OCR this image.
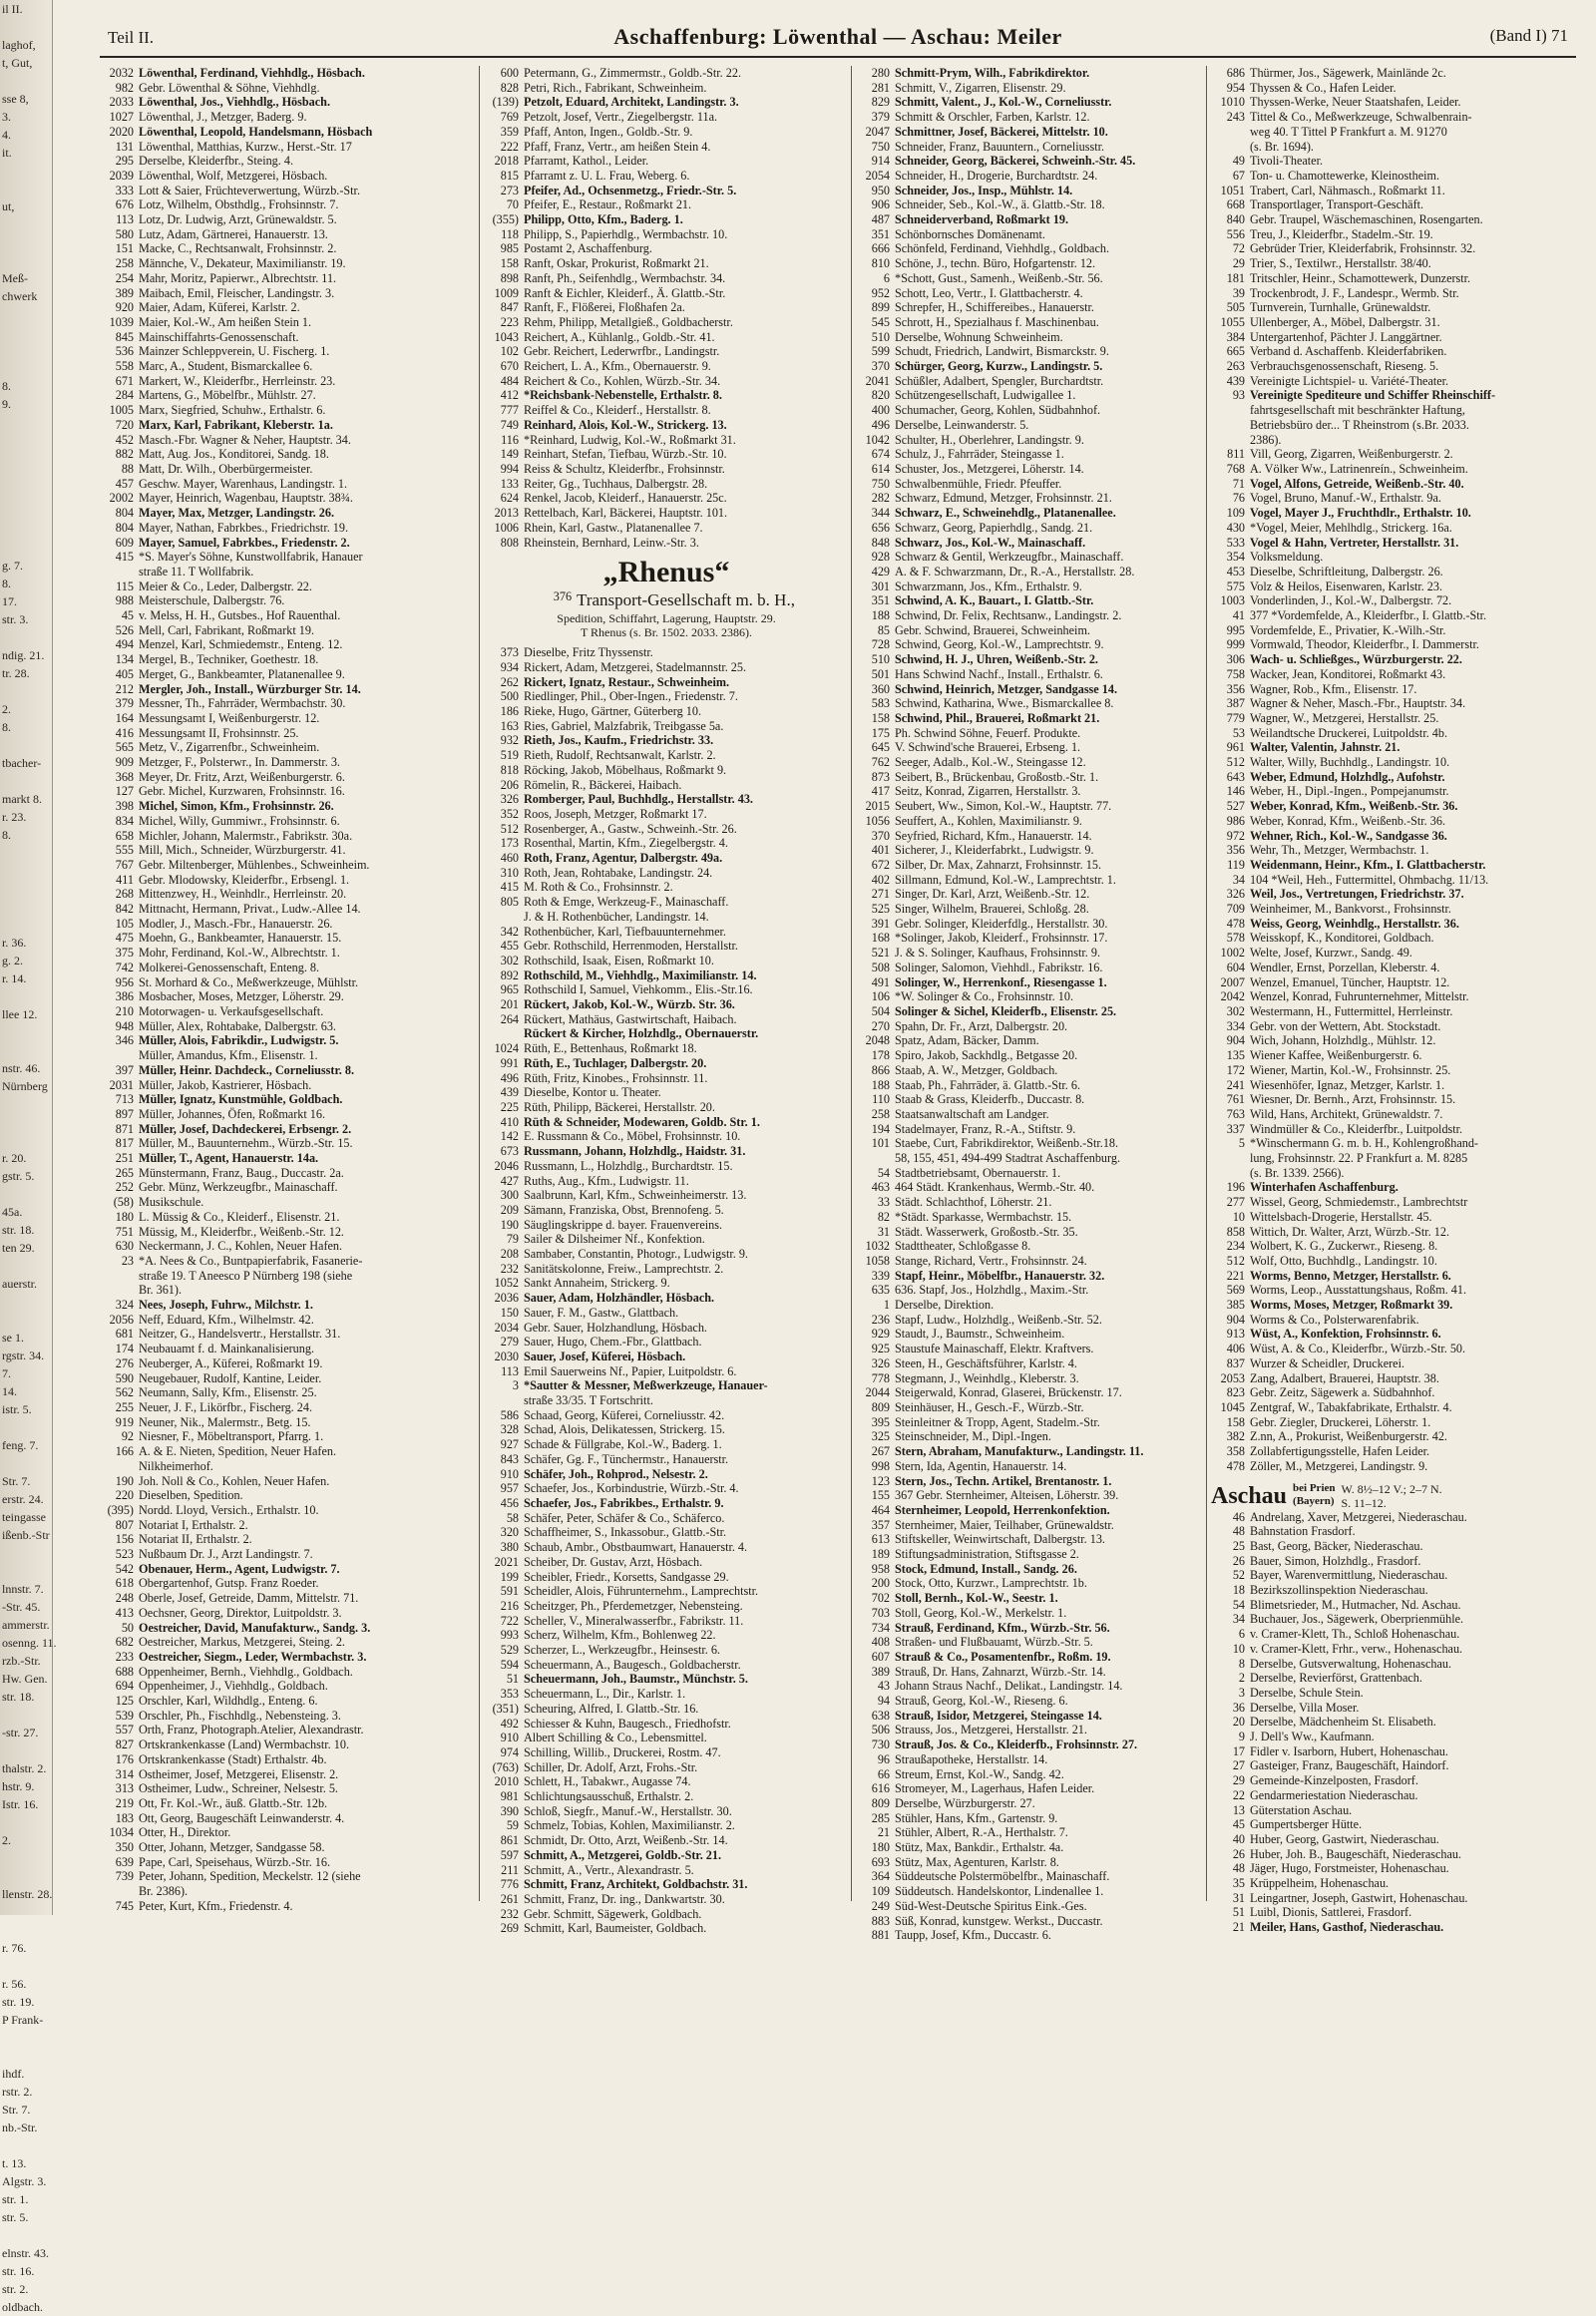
il II.

laghof,
t, Gut,

sse 8,
3.
4.
it.

ut,

Meß-
chwerk

8.
9.

g. 7.
8.
17.
str. 3.

ndig. 21.
tr. 28.

2.
8.

tbacher-

markt 8.
r. 23.
8.

r. 36.
g. 2.
r. 14.

llee 12.

nstr. 46.
Nürnberg

r. 20.
gstr. 5.

45a.
str. 18.
ten 29.

auerstr.

se 1.
rgstr. 34.
7.
14.
istr. 5.

feng. 7.

Str. 7.
erstr. 24.
teingasse
ißenb.-Str

lnnstr. 7.
-Str. 45.
ammerstr.
osenng. 11.
rzb.-Str.
Hw. Gen.
str. 18.

-str. 27.

thalstr. 2.
hstr. 9.
Istr. 16.

2.

llenstr. 28.

r. 76.

r. 56.
str. 19.
P Frank-

ihdf.
rstr. 2.
Str. 7.
nb.-Str.

t. 13.
Algstr. 3.
str. 1.
str. 5.

elnstr. 43.
str. 16.
str. 2.
oldbach.
Teil II.	Aschaffenburg: Löwenthal — Aschau: Meiler	(Band I) 71
2032 Löwenthal, Ferdinand, Viehhdlg., Hösbach.
982 Gebr. Löwenthal & Söhne, Viehhdlg.
2033 Löwenthal, Jos., Viehhdlg., Hösbach.
1027 Löwenthal, J., Metzger, Baderg. 9.
2020 Löwenthal, Leopold, Handelsmann, Hösbach
131 Löwenthal, Matthias, Kurzw., Herst.-Str. 17
295 Derselbe, Kleiderfbr., Steing. 4.
2039 Löwenthal, Wolf, Metzgerei, Hösbach.
333 Lott & Saier, Früchteverwertung, Würzb.-Str.
676 Lotz, Wilhelm, Obsthdlg., Frohsinnstr. 7.
113 Lotz, Dr. Ludwig, Arzt, Grünewaldstr. 5.
580 Lutz, Adam, Gärtnerei, Hanauerstr. 13.
151 Macke, C., Rechtsanwalt, Frohsinnstr. 2.
258 Männche, V., Dekateur, Maximilianstr. 19.
254 Mahr, Moritz, Papierwr., Albrechtstr. 11.
389 Maibach, Emil, Fleischer, Landingstr. 3.
920 Maier, Adam, Küferei, Karlstr. 2.
1039 Maier, Kol.-W., Am heißen Stein 1.
845 Mainschiffahrts-Genossenschaft.
536 Mainzer Schleppverein, U. Fischerg. 1.
558 Marc, A., Student, Bismarckallee 6.
671 Markert, W., Kleiderfbr., Herrleinstr. 23.
284 Martens, G., Möbelfbr., Mühlstr. 27.
1005 Marx, Siegfried, Schuhw., Erthalstr. 6.
720 Marx, Karl, Fabrikant, Kleberstr. 1a.
452 Masch.-Fbr. Wagner & Neher, Hauptstr. 34.
882 Matt, Aug. Jos., Konditorei, Sandg. 18.
88 Matt, Dr. Wilh., Oberbürgermeister.
457 Geschw. Mayer, Warenhaus, Landingstr. 1.
2002 Mayer, Heinrich, Wagenbau, Hauptstr. 38¾.
804 Mayer, Max, Metzger, Landingstr. 26.
804 Mayer, Nathan, Fabrkbes., Friedrichstr. 19.
609 Mayer, Samuel, Fabrkbes., Friedenstr. 2.
415 *S. Mayer's Söhne, Kunstwollfabrik, Hanauer
straße 11. T Wollfabrik.
115 Meier & Co., Leder, Dalbergstr. 22.
988 Meisterschule, Dalbergstr. 76.
45 v. Melss, H. H., Gutsbes., Hof Rauenthal.
526 Mell, Carl, Fabrikant, Roßmarkt 19.
494 Menzel, Karl, Schmiedemstr., Enteng. 12.
134 Mergel, B., Techniker, Goethestr. 18.
405 Merget, G., Bankbeamter, Platanenallee 9.
212 Mergler, Joh., Install., Würzburger Str. 14.
379 Messner, Th., Fahrräder, Wermbachstr. 30.
164 Messungsamt I, Weißenburgerstr. 12.
416 Messungsamt II, Frohsinnstr. 25.
565 Metz, V., Zigarrenfbr., Schweinheim.
909 Metzger, F., Polsterwr., In. Dammerstr. 3.
368 Meyer, Dr. Fritz, Arzt, Weißenburgerstr. 6.
127 Gebr. Michel, Kurzwaren, Frohsinnstr. 16.
398 Michel, Simon, Kfm., Frohsinnstr. 26.
834 Michel, Willy, Gummiwr., Frohsinnstr. 6.
658 Michler, Johann, Malermstr., Fabrikstr. 30a.
555 Mill, Mich., Schneider, Würzburgerstr. 41.
767 Gebr. Miltenberger, Mühlenbes., Schweinheim.
411 Gebr. Mlodowsky, Kleiderfbr., Erbsengl. 1.
268 Mittenzwey, H., Weinhdlr., Herrleinstr. 20.
842 Mittnacht, Hermann, Privat., Ludw.-Allee 14.
105 Modler, J., Masch.-Fbr., Hanauerstr. 26.
475 Moehn, G., Bankbeamter, Hanauerstr. 15.
375 Mohr, Ferdinand, Kol.-W., Albrechtstr. 1.
742 Molkerei-Genossenschaft, Enteng. 8.
956 St. Morhard & Co., Meßwerkzeuge, Mühlstr.
386 Mosbacher, Moses, Metzger, Löherstr. 29.
210 Motorwagen- u. Verkaufsgesellschaft.
948 Müller, Alex, Rohtabake, Dalbergstr. 63.
346 Müller, Alois, Fabrikdir., Ludwigstr. 5.
Müller, Amandus, Kfm., Elisenstr. 1.
397 Müller, Heinr. Dachdeck., Corneliusstr. 8.
2031 Müller, Jakob, Kastrierer, Hösbach.
713 Müller, Ignatz, Kunstmühle, Goldbach.
897 Müller, Johannes, Öfen, Roßmarkt 16.
871 Müller, Josef, Dachdeckerei, Erbsengr. 2.
817 Müller, M., Bauunternehm., Würzb.-Str. 15.
251 Müller, T., Agent, Hanauerstr. 14a.
265 Münstermann, Franz, Baug., Duccastr. 2a.
252 Gebr. Münz, Werkzeugfbr., Mainaschaff.
(58) Musikschule.
180 L. Müssig & Co., Kleiderf., Elisenstr. 21.
751 Müssig, M., Kleiderfbr., Weißenb.-Str. 12.
630 Neckermann, J. C., Kohlen, Neuer Hafen.
23 *A. Nees & Co., Buntpapierfabrik, Fasanerie-
straße 19. T Aneesco P Nürnberg 198 (siehe
Br. 361).
324 Nees, Joseph, Fuhrw., Milchstr. 1.
2056 Neff, Eduard, Kfm., Wilhelmstr. 42.
681 Neitzer, G., Handelsvertr., Herstallstr. 31.
174 Neubauamt f. d. Mainkanalisierung.
276 Neuberger, A., Küferei, Roßmarkt 19.
590 Neugebauer, Rudolf, Kantine, Leider.
562 Neumann, Sally, Kfm., Elisenstr. 25.
255 Neuer, J. F., Likörfbr., Fischerg. 24.
919 Neuner, Nik., Malermstr., Betg. 15.
92 Niesner, F., Möbeltransport, Pfarrg. 1.
166 A. & E. Nieten, Spedition, Neuer Hafen.
Nilkheimerhof.
190 Joh. Noll & Co., Kohlen, Neuer Hafen.
220 Dieselben, Spedition.
(395) Nordd. Lloyd, Versich., Erthalstr. 10.
807 Notariat I, Erthalstr. 2.
156 Notariat II, Erthalstr. 2.
523 Nußbaum Dr. J., Arzt Landingstr. 7.
542 Obenauer, Herm., Agent, Ludwigstr. 7.
618 Obergartenhof, Gutsp. Franz Roeder.
248 Oberle, Josef, Getreide, Damm, Mittelstr. 71.
413 Oechsner, Georg, Direktor, Luitpoldstr. 3.
50 Oestreicher, David, Manufakturw., Sandg. 3.
682 Oestreicher, Markus, Metzgerei, Steing. 2.
233 Oestreicher, Siegm., Leder, Wermbachstr. 3.
688 Oppenheimer, Bernh., Viehhdlg., Goldbach.
694 Oppenheimer, J., Viehhdlg., Goldbach.
125 Orschler, Karl, Wildhdlg., Enteng. 6.
539 Orschler, Ph., Fischhdlg., Nebensteing. 3.
557 Orth, Franz, Photograph.Atelier, Alexandrastr.
827 Ortskrankenkasse (Land) Wermbachstr. 10.
176 Ortskrankenkasse (Stadt) Erthalstr. 4b.
314 Ostheimer, Josef, Metzgerei, Elisenstr. 2.
313 Ostheimer, Ludw., Schreiner, Nelsestr. 5.
219 Ott, Fr. Kol.-Wr., äuß. Glattb.-Str. 12b.
183 Ott, Georg, Baugeschäft Leinwanderstr. 4.
1034 Otter, H., Direktor.
350 Otter, Johann, Metzger, Sandgasse 58.
639 Pape, Carl, Speisehaus, Würzb.-Str. 16.
739 Peter, Johann, Spedition, Meckelstr. 12 (siehe
Br. 2386).
745 Peter, Kurt, Kfm., Friedenstr. 4.
600 Petermann, G., Zimmermstr., Goldb.-Str. 22.
828 Petri, Rich., Fabrikant, Schweinheim.
(139) Petzolt, Eduard, Architekt, Landingstr. 3.
769 Petzolt, Josef, Vertr., Ziegelbergstr. 11a.
359 Pfaff, Anton, Ingen., Goldb.-Str. 9.
222 Pfaff, Franz, Vertr., am heißen Stein 4.
2018 Pfarramt, Kathol., Leider.
815 Pfarramt z. U. L. Frau, Weberg. 6.
273 Pfeifer, Ad., Ochsenmetzg., Friedr.-Str. 5.
70 Pfeifer, E., Restaur., Roßmarkt 21.
(355) Philipp, Otto, Kfm., Baderg. 1.
118 Philipp, S., Papierhdlg., Wermbachstr. 10.
985 Postamt 2, Aschaffenburg.
158 Ranft, Oskar, Prokurist, Roßmarkt 21.
898 Ranft, Ph., Seifenhdlg., Wermbachstr. 34.
1009 Ranft & Eichler, Kleiderf., Ä. Glattb.-Str.
847 Ranft, F., Flößerei, Floßhafen 2a.
223 Rehm, Philipp, Metallgieß., Goldbacherstr.
1043 Reichert, A., Kühlanlg., Goldb.-Str. 41.
102 Gebr. Reichert, Lederwrfbr., Landingstr.
670 Reichert, L. A., Kfm., Obernauerstr. 9.
484 Reichert & Co., Kohlen, Würzb.-Str. 34.
412 *Reichsbank-Nebenstelle, Erthalstr. 8.
777 Reiffel & Co., Kleiderf., Herstallstr. 8.
749 Reinhard, Alois, Kol.-W., Strickerg. 13.
116 *Reinhard, Ludwig, Kol.-W., Roßmarkt 31.
149 Reinhart, Stefan, Tiefbau, Würzb.-Str. 10.
994 Reiss & Schultz, Kleiderfbr., Frohsinnstr.
133 Reiter, Gg., Tuchhaus, Dalbergstr. 28.
624 Renkel, Jacob, Kleiderf., Hanauerstr. 25c.
2013 Rettelbach, Karl, Bäckerei, Hauptstr. 101.
1006 Rhein, Karl, Gastw., Platanenallee 7.
808 Rheinstein, Bernhard, Leinw.-Str. 3.
„Rhenus“
376 Transport-Gesellschaft m. b. H.,
Spedition, Schiffahrt, Lagerung, Hauptstr. 29.
T Rhenus (s. Br. 1502. 2033. 2386).
373 Dieselbe, Fritz Thyssenstr.
934 Rickert, Adam, Metzgerei, Stadelmannstr. 25.
262 Rickert, Ignatz, Restaur., Schweinheim.
500 Riedlinger, Phil., Ober-Ingen., Friedenstr. 7.
186 Rieke, Hugo, Gärtner, Güterberg 10.
163 Ries, Gabriel, Malzfabrik, Treibgasse 5a.
932 Rieth, Jos., Kaufm., Friedrichstr. 33.
519 Rieth, Rudolf, Rechtsanwalt, Karlstr. 2.
818 Röcking, Jakob, Möbelhaus, Roßmarkt 9.
206 Römelin, R., Bäckerei, Haibach.
326 Romberger, Paul, Buchhdlg., Herstallstr. 43.
352 Roos, Joseph, Metzger, Roßmarkt 17.
512 Rosenberger, A., Gastw., Schweinh.-Str. 26.
173 Rosenthal, Martin, Kfm., Ziegelbergstr. 4.
460 Roth, Franz, Agentur, Dalbergstr. 49a.
310 Roth, Jean, Rohtabake, Landingstr. 24.
415 M. Roth & Co., Frohsinnstr. 2.
805 Roth & Emge, Werkzeug-F., Mainaschaff.
J. & H. Rothenbücher, Landingstr. 14.
342 Rothenbücher, Karl, Tiefbauunternehmer.
455 Gebr. Rothschild, Herrenmoden, Herstallstr.
302 Rothschild, Isaak, Eisen, Roßmarkt 10.
892 Rothschild, M., Viehhdlg., Maximilianstr. 14.
965 Rothschild I, Samuel, Viehkomm., Elis.-Str.16.
201 Rückert, Jakob, Kol.-W., Würzb. Str. 36.
264 Rückert, Mathäus, Gastwirtschaft, Haibach.
Rückert & Kircher, Holzhdlg., Obernauerstr.
1024 Rüth, E., Bettenhaus, Roßmarkt 18.
991 Rüth, E., Tuchlager, Dalbergstr. 20.
496 Rüth, Fritz, Kinobes., Frohsinnstr. 11.
439 Dieselbe, Kontor u. Theater.
225 Rüth, Philipp, Bäckerei, Herstallstr. 20.
410 Rüth & Schneider, Modewaren, Goldb. Str. 1.
142 E. Russmann & Co., Möbel, Frohsinnstr. 10.
673 Russmann, Johann, Holzhdlg., Haidstr. 31.
2046 Russmann, L., Holzhdlg., Burchardtstr. 15.
427 Ruths, Aug., Kfm., Ludwigstr. 11.
300 Saalbrunn, Karl, Kfm., Schweinheimerstr. 13.
209 Sämann, Franziska, Obst, Brennofeng. 5.
190 Säuglingskrippe d. bayer. Frauenvereins.
79 Sailer & Dilsheimer Nf., Konfektion.
208 Sambaber, Constantin, Photogr., Ludwigstr. 9.
232 Sanitätskolonne, Freiw., Lamprechtstr. 2.
1052 Sankt Annaheim, Strickerg. 9.
2036 Sauer, Adam, Holzhändler, Hösbach.
150 Sauer, F. M., Gastw., Glattbach.
2034 Gebr. Sauer, Holzhandlung, Hösbach.
279 Sauer, Hugo, Chem.-Fbr., Glattbach.
2030 Sauer, Josef, Küferei, Hösbach.
113 Emil Sauerweins Nf., Papier, Luitpoldstr. 6.
3 *Sautter & Messner, Meßwerkzeuge, Hanauer-
straße 33/35. T Fortschritt.
586 Schaad, Georg, Küferei, Corneliusstr. 42.
328 Schad, Alois, Delikatessen, Strickerg. 15.
927 Schade & Füllgrabe, Kol.-W., Baderg. 1.
843 Schäfer, Gg. F., Tünchermstr., Hanauerstr.
910 Schäfer, Joh., Rohprod., Nelsestr. 2.
957 Schaefer, Jos., Korbindustrie, Würzb.-Str. 4.
456 Schaefer, Jos., Fabrikbes., Erthalstr. 9.
58 Schäfer, Peter, Schäfer & Co., Schäferco.
320 Schaffheimer, S., Inkassobur., Glattb.-Str.
380 Schaub, Ambr., Obstbaumwart, Hanauerstr. 4.
2021 Scheiber, Dr. Gustav, Arzt, Hösbach.
199 Scheibler, Friedr., Korsetts, Sandgasse 29.
591 Scheidler, Alois, Führunternehm., Lamprechtstr.
216 Scheitzger, Ph., Pferdemetzger, Nebensteing.
722 Scheller, V., Mineralwasserfbr., Fabrikstr. 11.
993 Scherz, Wilhelm, Kfm., Bohlenweg 22.
529 Scherzer, L., Werkzeugfbr., Heinsestr. 6.
594 Scheuermann, A., Baugesch., Goldbacherstr.
51 Scheuermann, Joh., Baumstr., Münchstr. 5.
353 Scheuermann, L., Dir., Karlstr. 1.
(351) Scheuring, Alfred, I. Glattb.-Str. 16.
492 Schiesser & Kuhn, Baugesch., Friedhofstr.
910 Albert Schilling & Co., Lebensmittel.
974 Schilling, Willib., Druckerei, Rostm. 47.
(763) Schiller, Dr. Adolf, Arzt, Frohs.-Str.
2010 Schlett, H., Tabakwr., Augasse 74.
981 Schlichtungsausschuß, Erthalstr. 2.
390 Schloß, Siegfr., Manuf.-W., Herstallstr. 30.
59 Schmelz, Tobias, Kohlen, Maximilianstr. 2.
861 Schmidt, Dr. Otto, Arzt, Weißenb.-Str. 14.
597 Schmitt, A., Metzgerei, Goldb.-Str. 21.
211 Schmitt, A., Vertr., Alexandrastr. 5.
776 Schmitt, Franz, Architekt, Goldbachstr. 31.
261 Schmitt, Franz, Dr. ing., Dankwartstr. 30.
232 Gebr. Schmitt, Sägewerk, Goldbach.
269 Schmitt, Karl, Baumeister, Goldbach.
280 Schmitt-Prym, Wilh., Fabrikdirektor.
281 Schmitt, V., Zigarren, Elisenstr. 29.
829 Schmitt, Valent., J., Kol.-W., Corneliusstr.
379 Schmitt & Orschler, Farben, Karlstr. 12.
2047 Schmittner, Josef, Bäckerei, Mittelstr. 10.
750 Schneider, Franz, Bauuntern., Corneliusstr.
914 Schneider, Georg, Bäckerei, Schweinh.-Str. 45.
2054 Schneider, H., Drogerie, Burchardtstr. 24.
950 Schneider, Jos., Insp., Mühlstr. 14.
906 Schneider, Seb., Kol.-W., ä. Glattb.-Str. 18.
487 Schneiderverband, Roßmarkt 19.
351 Schönbornsches Domänenamt.
666 Schönfeld, Ferdinand, Viehhdlg., Goldbach.
810 Schöne, J., techn. Büro, Hofgartenstr. 12.
6 *Schott, Gust., Samenh., Weißenb.-Str. 56.
952 Schott, Leo, Vertr., I. Glattbacherstr. 4.
899 Schrepfer, H., Schiffereibes., Hanauerstr.
545 Schrott, H., Spezialhaus f. Maschinenbau.
510 Derselbe, Wohnung Schweinheim.
599 Schudt, Friedrich, Landwirt, Bismarckstr. 9.
370 Schürger, Georg, Kurzw., Landingstr. 5.
2041 Schüßler, Adalbert, Spengler, Burchardtstr.
820 Schützengesellschaft, Ludwigallee 1.
400 Schumacher, Georg, Kohlen, Südbahnhof.
496 Derselbe, Leinwanderstr. 5.
1042 Schulter, H., Oberlehrer, Landingstr. 9.
674 Schulz, J., Fahrräder, Steingasse 1.
614 Schuster, Jos., Metzgerei, Löherstr. 14.
750 Schwalbenmühle, Friedr. Pfeuffer.
282 Schwarz, Edmund, Metzger, Frohsinnstr. 21.
344 Schwarz, E., Schweinehdlg., Platanenallee.
656 Schwarz, Georg, Papierhdlg., Sandg. 21.
848 Schwarz, Jos., Kol.-W., Mainaschaff.
928 Schwarz & Gentil, Werkzeugfbr., Mainaschaff.
429 A. & F. Schwarzmann, Dr., R.-A., Herstallstr. 28.
301 Schwarzmann, Jos., Kfm., Erthalstr. 9.
351 Schwind, A. K., Bauart., I. Glattb.-Str.
188 Schwind, Dr. Felix, Rechtsanw., Landingstr. 2.
85 Gebr. Schwind, Brauerei, Schweinheim.
728 Schwind, Georg, Kol.-W., Lamprechtstr. 9.
510 Schwind, H. J., Uhren, Weißenb.-Str. 2.
501 Hans Schwind Nachf., Install., Erthalstr. 6.
360 Schwind, Heinrich, Metzger, Sandgasse 14.
583 Schwind, Katharina, Wwe., Bismarckallee 8.
158 Schwind, Phil., Brauerei, Roßmarkt 21.
175 Ph. Schwind Söhne, Feuerf. Produkte.
645 V. Schwind'sche Brauerei, Erbseng. 1.
762 Seeger, Adalb., Kol.-W., Steingasse 12.
873 Seibert, B., Brückenbau, Großostb.-Str. 1.
417 Seitz, Konrad, Zigarren, Herstallstr. 3.
2015 Seubert, Ww., Simon, Kol.-W., Hauptstr. 77.
1056 Seuffert, A., Kohlen, Maximilianstr. 9.
370 Seyfried, Richard, Kfm., Hanauerstr. 14.
401 Sicherer, J., Kleiderfabrkt., Ludwigstr. 9.
672 Silber, Dr. Max, Zahnarzt, Frohsinnstr. 15.
402 Sillmann, Edmund, Kol.-W., Lamprechtstr. 1.
271 Singer, Dr. Karl, Arzt, Weißenb.-Str. 12.
525 Singer, Wilhelm, Brauerei, Schloßg. 28.
391 Gebr. Solinger, Kleiderfdlg., Herstallstr. 30.
168 *Solinger, Jakob, Kleiderf., Frohsinnstr. 17.
521 J. & S. Solinger, Kaufhaus, Frohsinnstr. 9.
508 Solinger, Salomon, Viehhdl., Fabrikstr. 16.
491 Solinger, W., Herrenkonf., Riesengasse 1.
106 *W. Solinger & Co., Frohsinnstr. 10.
504 Solinger & Sichel, Kleiderfb., Elisenstr. 25.
270 Spahn, Dr. Fr., Arzt, Dalbergstr. 20.
2048 Spatz, Adam, Bäcker, Damm.
178 Spiro, Jakob, Sackhdlg., Betgasse 20.
866 Staab, A. W., Metzger, Goldbach.
188 Staab, Ph., Fahrräder, ä. Glattb.-Str. 6.
110 Staab & Grass, Kleiderfb., Duccastr. 8.
258 Staatsanwaltschaft am Landger.
194 Stadelmayer, Franz, R.-A., Stiftstr. 9.
101 Staebe, Curt, Fabrikdirektor, Weißenb.-Str.18.
58, 155, 451, 494-499 Stadtrat Aschaffenburg.
54 Stadtbetriebsamt, Obernauerstr. 1.
463 464 Städt. Krankenhaus, Wermb.-Str. 40.
33 Städt. Schlachthof, Löherstr. 21.
82 *Städt. Sparkasse, Wermbachstr. 15.
31 Städt. Wasserwerk, Großostb.-Str. 35.
1032 Stadttheater, Schloßgasse 8.
1058 Stange, Richard, Vertr., Frohsinnstr. 24.
339 Stapf, Heinr., Möbelfbr., Hanauerstr. 32.
635 636. Stapf, Jos., Holzhdlg., Maxim.-Str.
1 Derselbe, Direktion.
236 Stapf, Ludw., Holzhdlg., Weißenb.-Str. 52.
929 Staudt, J., Baumstr., Schweinheim.
925 Staustufe Mainaschaff, Elektr. Kraftvers.
326 Steen, H., Geschäftsführer, Karlstr. 4.
778 Stegmann, J., Weinhdlg., Kleberstr. 3.
2044 Steigerwald, Konrad, Glaserei, Brückenstr. 17.
809 Steinhäuser, H., Gesch.-F., Würzb.-Str.
395 Steinleitner & Tropp, Agent, Stadelm.-Str.
325 Steinschneider, M., Dipl.-Ingen.
267 Stern, Abraham, Manufakturw., Landingstr. 11.
998 Stern, Ida, Agentin, Hanauerstr. 14.
123 Stern, Jos., Techn. Artikel, Brentanostr. 1.
155 367 Gebr. Sternheimer, Alteisen, Löherstr. 39.
464 Sternheimer, Leopold, Herrenkonfektion.
357 Sternheimer, Maier, Teilhaber, Grünewaldstr.
613 Stiftskeller, Weinwirtschaft, Dalbergstr. 13.
189 Stiftungsadministration, Stiftsgasse 2.
958 Stock, Edmund, Install., Sandg. 26.
200 Stock, Otto, Kurzwr., Lamprechtstr. 1b.
702 Stoll, Bernh., Kol.-W., Seestr. 1.
703 Stoll, Georg, Kol.-W., Merkelstr. 1.
734 Strauß, Ferdinand, Kfm., Würzb.-Str. 56.
408 Straßen- und Flußbauamt, Würzb.-Str. 5.
607 Strauß & Co., Posamentenfbr., Roßm. 19.
389 Strauß, Dr. Hans, Zahnarzt, Würzb.-Str. 14.
43 Johann Straus Nachf., Delikat., Landingstr. 14.
94 Strauß, Georg, Kol.-W., Rieseng. 6.
638 Strauß, Isidor, Metzgerei, Steingasse 14.
506 Strauss, Jos., Metzgerei, Herstallstr. 21.
730 Strauß, Jos. & Co., Kleiderfb., Frohsinnstr. 27.
96 Straußapotheke, Herstallstr. 14.
66 Streum, Ernst, Kol.-W., Sandg. 42.
616 Stromeyer, M., Lagerhaus, Hafen Leider.
809 Derselbe, Würzburgerstr. 27.
285 Stühler, Hans, Kfm., Gartenstr. 9.
21 Stühler, Albert, R.-A., Herthalstr. 7.
180 Stütz, Max, Bankdir., Erthalstr. 4a.
693 Stütz, Max, Agenturen, Karlstr. 8.
364 Süddeutsche Polstermöbelfbr., Mainaschaff.
109 Süddeutsch. Handelskontor, Lindenallee 1.
249 Süd-West-Deutsche Spiritus Eink.-Ges.
883 Süß, Konrad, kunstgew. Werkst., Duccastr.
881 Taupp, Josef, Kfm., Duccastr. 6.
686 Thürmer, Jos., Sägewerk, Mainlände 2c.
954 Thyssen & Co., Hafen Leider.
1010 Thyssen-Werke, Neuer Staatshafen, Leider.
243 Tittel & Co., Meßwerkzeuge, Schwalbenrain-
weg 40. T Tittel P Frankfurt a. M. 91270
(s. Br. 1694).
49 Tivoli-Theater.
67 Ton- u. Chamottewerke, Kleinostheim.
1051 Trabert, Carl, Nähmasch., Roßmarkt 11.
668 Transportlager, Transport-Geschäft.
840 Gebr. Traupel, Wäschemaschinen, Rosengarten.
556 Treu, J., Kleiderfbr., Stadelm.-Str. 19.
72 Gebrüder Trier, Kleiderfabrik, Frohsinnstr. 32.
29 Trier, S., Textilwr., Herstallstr. 38/40.
181 Tritschler, Heinr., Schamottewerk, Dunzerstr.
39 Trockenbrodt, J. F., Landespr., Wermb. Str.
505 Turnverein, Turnhalle, Grünewaldstr.
1055 Ullenberger, A., Möbel, Dalbergstr. 31.
384 Untergartenhof, Pächter J. Langgärtner.
665 Verband d. Aschaffenb. Kleiderfabriken.
263 Verbrauchsgenossenschaft, Rieseng. 5.
439 Vereinigte Lichtspiel- u. Variété-Theater.
93 Vereinigte Spediteure und Schiffer Rheinschiff-
fahrtsgesellschaft mit beschränkter Haftung,
Betriebsbüro der... T Rheinstrom (s.Br. 2033.
2386).
811 Vill, Georg, Zigarren, Weißenburgerstr. 2.
768 A. Völker Ww., Latrinenreín., Schweinheim.
71 Vogel, Alfons, Getreide, Weißenb.-Str. 40.
76 Vogel, Bruno, Manuf.-W., Erthalstr. 9a.
109 Vogel, Mayer J., Fruchthdlr., Erthalstr. 10.
430 *Vogel, Meier, Mehlhdlg., Strickerg. 16a.
533 Vogel & Hahn, Vertreter, Herstallstr. 31.
354 Volksmeldung.
453 Dieselbe, Schriftleitung, Dalbergstr. 26.
575 Volz & Heilos, Eisenwaren, Karlstr. 23.
1003 Vonderlinden, J., Kol.-W., Dalbergstr. 72.
41 377 *Vordemfelde, A., Kleiderfbr., I. Glattb.-Str.
995 Vordemfelde, E., Privatier, K.-Wilh.-Str.
999 Vormwald, Theodor, Kleiderfbr., I. Dammerstr.
306 Wach- u. Schließges., Würzburgerstr. 22.
758 Wacker, Jean, Konditorei, Roßmarkt 43.
356 Wagner, Rob., Kfm., Elisenstr. 17.
387 Wagner & Neher, Masch.-Fbr., Hauptstr. 34.
779 Wagner, W., Metzgerei, Herstallstr. 25.
53 Weilandtsche Druckerei, Luitpoldstr. 4b.
961 Walter, Valentin, Jahnstr. 21.
512 Walter, Willy, Buchhdlg., Landingstr. 10.
643 Weber, Edmund, Holzhdlg., Aufohstr.
146 Weber, H., Dipl.-Ingen., Pompejanumstr.
527 Weber, Konrad, Kfm., Weißenb.-Str. 36.
986 Weber, Konrad, Kfm., Weißenb.-Str. 36.
972 Wehner, Rich., Kol.-W., Sandgasse 36.
356 Wehr, Th., Metzger, Wermbachstr. 1.
119 Weidenmann, Heinr., Kfm., I. Glattbacherstr.
34 104 *Weil, Heh., Futtermittel, Ohmbachg. 11/13.
326 Weil, Jos., Vertretungen, Friedrichstr. 37.
709 Weinheimer, M., Bankvorst., Frohsinnstr.
478 Weiss, Georg, Weinhdlg., Herstallstr. 36.
578 Weisskopf, K., Konditorei, Goldbach.
1002 Welte, Josef, Kurzwr., Sandg. 49.
604 Wendler, Ernst, Porzellan, Kleberstr. 4.
2007 Wenzel, Emanuel, Tüncher, Hauptstr. 12.
2042 Wenzel, Konrad, Fuhrunternehmer, Mittelstr.
302 Westermann, H., Futtermittel, Herrleinstr.
334 Gebr. von der Wettern, Abt. Stockstadt.
904 Wich, Johann, Holzhdlg., Mühlstr. 12.
135 Wiener Kaffee, Weißenburgerstr. 6.
172 Wiener, Martin, Kol.-W., Frohsinnstr. 25.
241 Wiesenhöfer, Ignaz, Metzger, Karlstr. 1.
761 Wiesner, Dr. Bernh., Arzt, Frohsinnstr. 15.
763 Wild, Hans, Architekt, Grünewaldstr. 7.
337 Windmüller & Co., Kleiderfbr., Luitpoldstr.
5 *Winschermann G. m. b. H., Kohlengroßhand-
lung, Frohsinnstr. 22. P Frankfurt a. M. 8285
(s. Br. 1339. 2566).
196 Winterhafen Aschaffenburg.
277 Wissel, Georg, Schmiedemstr., Lambrechtstr
10 Wittelsbach-Drogerie, Herstallstr. 45.
858 Wittich, Dr. Walter, Arzt, Würzb.-Str. 12.
234 Wolbert, K. G., Zuckerwr., Rieseng. 8.
512 Wolf, Otto, Buchhdlg., Landingstr. 10.
221 Worms, Benno, Metzger, Herstallstr. 6.
569 Worms, Leop., Ausstattungshaus, Roßm. 41.
385 Worms, Moses, Metzger, Roßmarkt 39.
904 Worms & Co., Polsterwarenfabrik.
913 Wüst, A., Konfektion, Frohsinnstr. 6.
406 Wüst, A. & Co., Kleiderfbr., Würzb.-Str. 50.
837 Wurzer & Scheidler, Druckerei.
2053 Zang, Adalbert, Brauerei, Hauptstr. 38.
823 Gebr. Zeitz, Sägewerk a. Südbahnhof.
1045 Zentgraf, W., Tabakfabrikate, Erthalstr. 4.
158 Gebr. Ziegler, Druckerei, Löherstr. 1.
382 Z.nn, A., Prokurist, Weißenburgerstr. 42.
358 Zollabfertigungsstelle, Hafen Leider.
478 Zöller, M., Metzgerei, Landingstr. 9.
Aschau bei Prien
(Bayern)
W. 8½–12 V.; 2–7 N.
S. 11–12.
46 Andrelang, Xaver, Metzgerei, Niederaschau.
48 Bahnstation Frasdorf.
25 Bast, Georg, Bäcker, Niederaschau.
26 Bauer, Simon, Holzhdlg., Frasdorf.
52 Bayer, Warenvermittlung, Niederaschau.
18 Bezirkszollinspektion Niederaschau.
54 Blimetsrieder, M., Hutmacher, Nd. Aschau.
34 Buchauer, Jos., Sägewerk, Oberprienmühle.
6 v. Cramer-Klett, Th., Schloß Hohenaschau.
10 v. Cramer-Klett, Frhr., verw., Hohenaschau.
8 Derselbe, Gutsverwaltung, Hohenaschau.
2 Derselbe, Revierförst, Grattenbach.
3 Derselbe, Schule Stein.
36 Derselbe, Villa Moser.
20 Derselbe, Mädchenheim St. Elisabeth.
9 J. Dell's Ww., Kaufmann.
17 Fidler v. Isarborn, Hubert, Hohenaschau.
27 Gasteiger, Franz, Baugeschäft, Haindorf.
29 Gemeinde-Kinzelposten, Frasdorf.
22 Gendarmeriestation Niederaschau.
13 Güterstation Aschau.
45 Gumpertsberger Hütte.
40 Huber, Georg, Gastwirt, Niederaschau.
26 Huber, Joh. B., Baugeschäft, Niederaschau.
48 Jäger, Hugo, Forstmeister, Hohenaschau.
35 Krüppelheim, Hohenaschau.
31 Leingartner, Joseph, Gastwirt, Hohenaschau.
51 Luibl, Dionis, Sattlerei, Frasdorf.
21 Meiler, Hans, Gasthof, Niederaschau.
